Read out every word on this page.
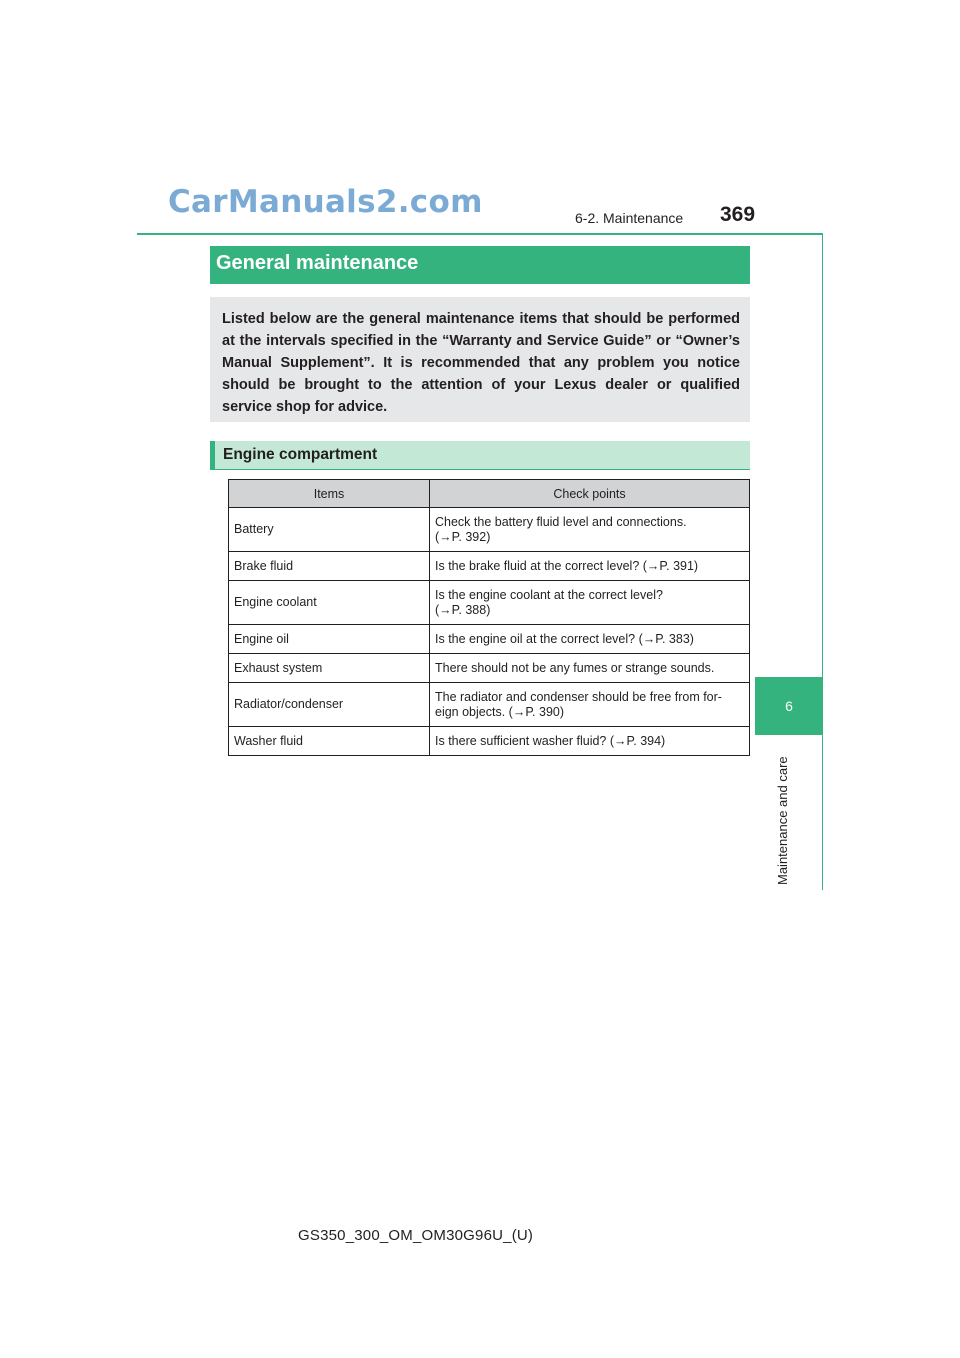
CarManuals2.com	6-2. Maintenance 369
6
Maintenance and care
General maintenance

Listed below are the general maintenance items that should be performed at the intervals specified in the “Warranty and Service Guide” or “Owner’s Manual Supplement”. It is recommended that any problem you notice should be brought to the attention of your Lexus dealer or qualified service shop for advice.

Engine compartment
Items	Check points
Battery	Check the battery fluid level and connections.
(→P. 392)

Brake fluid	Is the brake fluid at the correct level? (→P. 391)
Engine coolant	Is the engine coolant at the correct level?
(→P. 388)

Engine oil	Is the engine oil at the correct level? (→P. 383)
Exhaust system	There should not be any fumes or strange sounds.
Radiator/condenser	The radiator and condenser should be free from for-
eign objects. (→P. 390)

Washer fluid	Is there sufficient washer fluid? (→P. 394)
GS350_300_OM_OM30G96U_(U)
